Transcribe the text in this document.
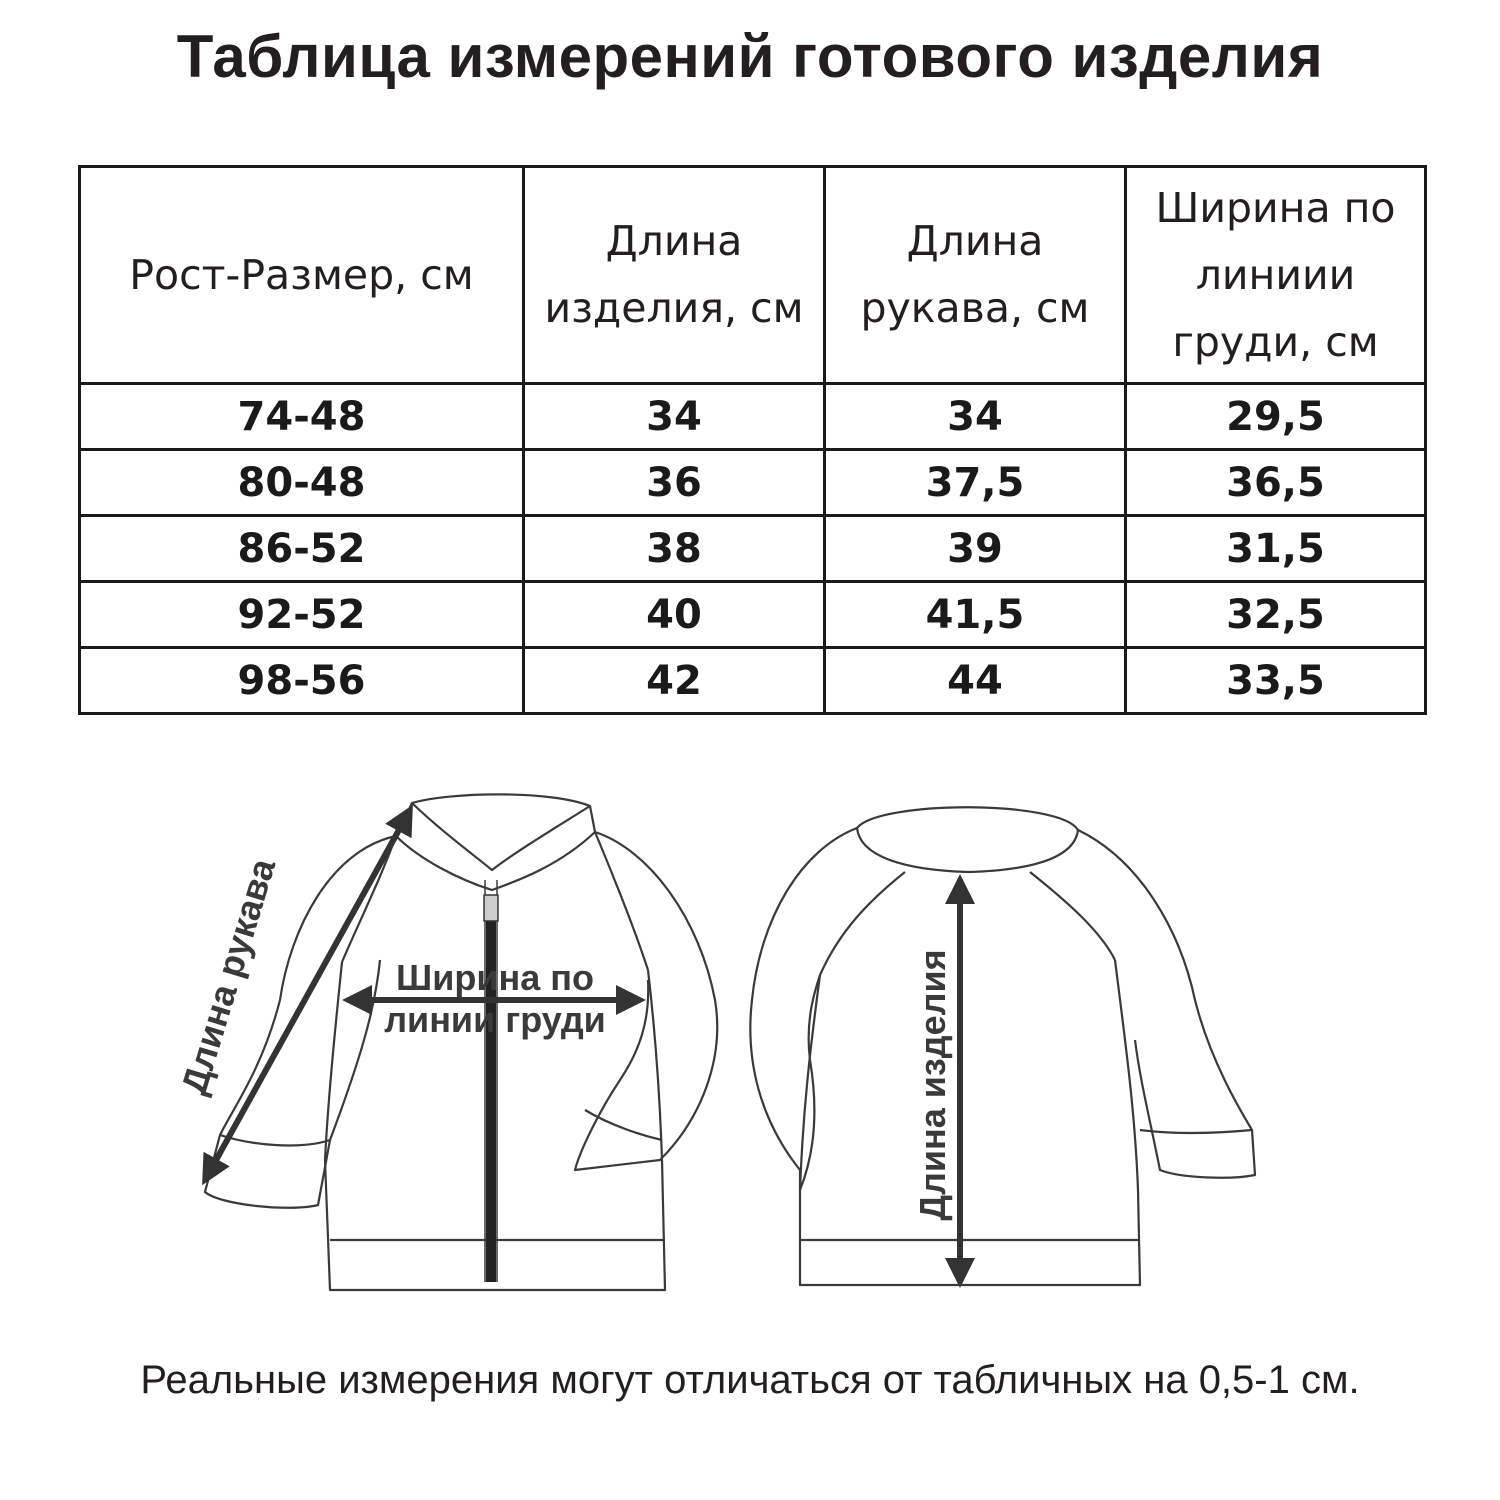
Таблица измерений готового изделия
Рост-Размер, см	Длина изделия, см	Длина рукава, см	Ширина по линиии груди, см

74-48	34	34	29,5
80-48	36	37,5	36,5
86-52	38	39	31,5
92-52	40	41,5	32,5
98-56	42	44	33,5
Длина рукава	Ширина по
линии груди	Длина изделия
Реальные измерения могут отличаться от табличных на 0,5-1 см.
